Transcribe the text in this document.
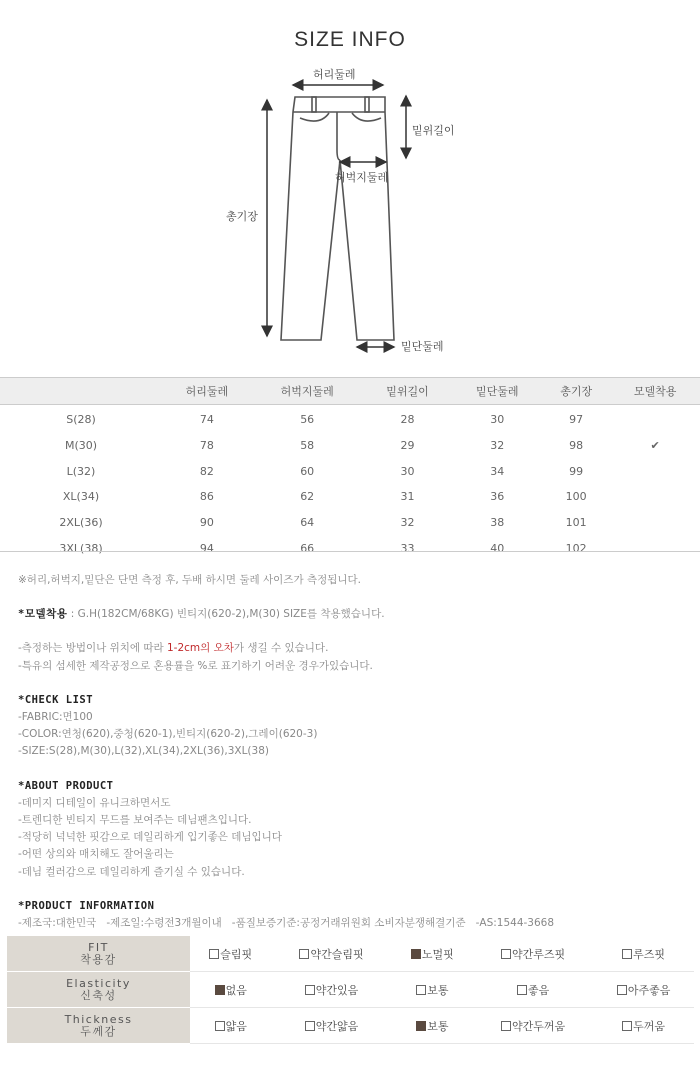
SIZE INFO
허리둘레
밑위길이
허벅지둘레
총기장
밑단둘레
	허리둘레	허벅지둘레	밑위길이	밑단둘레	총기장	모델착용
S(28)	74	56	28	30	97	
M(30)	78	58	29	32	98	✔
L(32)	82	60	30	34	99	
XL(34)	86	62	31	36	100	
2XL(36)	90	64	32	38	101	
3XL(38)	94	66	33	40	102	

※허리,허벅지,밑단은 단면 측정 후, 두배 하시면 둘레 사이즈가 측정됩니다.

*모델착용 : G.H(182CM/68KG) 빈티지(620-2),M(30) SIZE를 착용했습니다.

-측정하는 방법이나 위치에 따라 1-2cm의 오차가 생길 수 있습니다.

-특유의 섬세한 제작공정으로 혼용률을 %로 표기하기 어려운 경우가있습니다.

*CHECK LIST

-FABRIC:면100

-COLOR:연청(620),중청(620-1),빈티지(620-2),그레이(620-3)

-SIZE:S(28),M(30),L(32),XL(34),2XL(36),3XL(38)

*ABOUT PRODUCT

-데미지 디테일이 유니크하면서도

-트렌디한 빈티지 무드를 보여주는 데님팬츠입니다.

-적당히 넉넉한 핏감으로 데일리하게 입기좋은 데님입니다

-어떤 상의와 매치해도 잘어울리는

-데님 컬러감으로 데일리하게 즐기실 수 있습니다.

*PRODUCT INFORMATION

-제조국:대한민국   -제조일:수령전3개월이내   -품질보증기준:공정거래위원회 소비자분쟁해결기준   -AS:1544-3668

FIT
착용감	슬림핏	약간슬림핏	노멀핏	약간루즈핏	루즈핏

Elasticity
신축성	없음	약간있음	보통	좋음	아주좋음

Thickness
두께감	얇음	약간얇음	보통	약간두꺼움	두꺼움
